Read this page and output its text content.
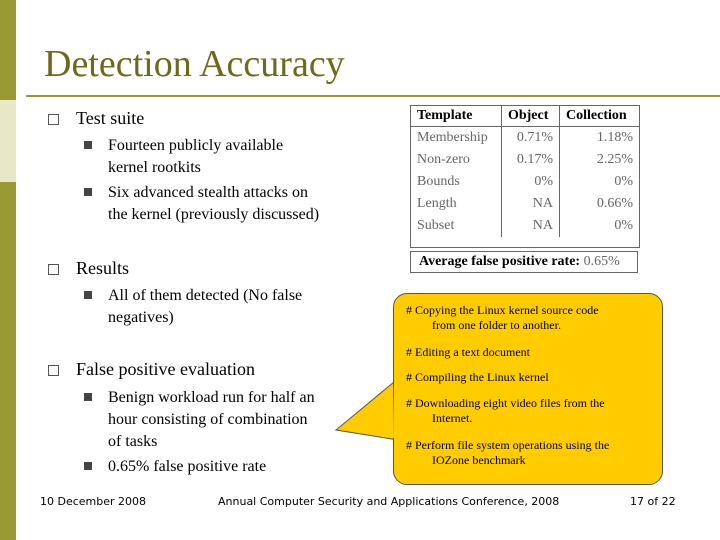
Detection Accuracy
Test suite
Fourteen publicly available
kernel rootkits
Six advanced stealth attacks on
the kernel (previously discussed)
Results
All of them detected (No false
negatives)
False positive evaluation
Benign workload run for half an
hour consisting of combination
of tasks
0.65% false positive rate
Template	Object	Collection
Membership	0.71%	1.18%
Non-zero	0.17%	2.25%
Bounds	0%	0%
Length	NA	0.66%
Subset	NA	0%
Average false positive rate: 0.65%
# Copying the Linux kernel source code
from one folder to another.
# Editing a text document
# Compiling the Linux kernel
# Downloading eight video files from the
Internet.
# Perform file system operations using the
IOZone benchmark
10 December 2008	Annual Computer Security and Applications Conference, 2008	17 of 22
